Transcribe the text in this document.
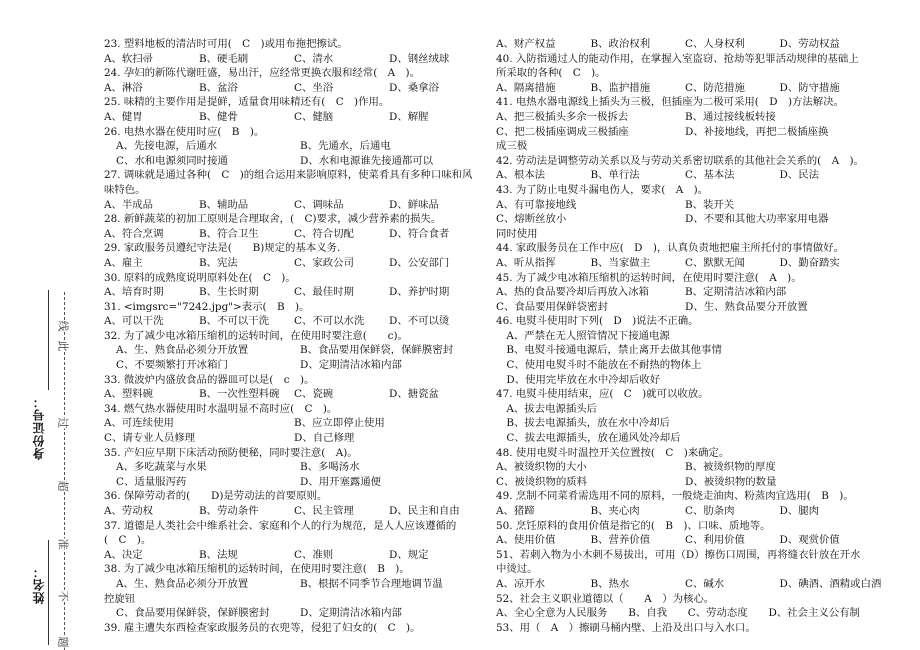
身份证号：
姓名：
线
此
过
超
准
不
题
23. 塑料地板的清洁时可用(　C　)或用布拖把擦试。
A、软扫帚	B、硬毛刷	C、清水	D、钢丝绒球
24. 孕妇的新陈代谢旺盛，易出汗，应经常更换衣服和经常(　A　)。
A、淋浴	B、盆浴	C、坐浴	D、桑拿浴
25. 味精的主要作用是提鲜，适量食用味精还有(　C　)作用。
A、健胃	B、健骨	C、健脑	D、解腥
26. 电热水器在使用时应(　B　)。
A、先接电源，后通水	B、先通水，后通电
C、水和电源须同时接通	D、水和电源谁先接通都可以
27. 调味就是通过各种(　C　)的组合运用来影响原料，使菜肴具有多种口味和风
味特色。
A、半成品	B、辅助品	C、调味品	D、鲜味品
28. 新鲜蔬菜的初加工原则是合理取舍，(　C)要求，减少营养素的损失。
A、符合烹调	B、符合卫生	C、符合切配	D、符合食者
29. 家政服务员遵纪守法是(　　B)规定的基本义务.
A、雇主	B、宪法	C、家政公司	D、公安部门
30. 原料的成熟度说明原料处在(　C　)。
A、培育时期	B、生长时期	C、最佳时期	D、养护时期
31. <imgsrc="7242.jpg">表示(　B　)。
A、可以干洗	B、不可以干洗	C、不可以水洗	D、不可以烫
32. 为了减少电冰箱压缩机的运转时间，在使用时要注意(　　c)。
A、生、熟食品必须分开放置	B、食品要用保鲜袋，保鲜膜密封
C、不要频繁打开冰箱门	D、定期清洁冰箱内部
33. 微波炉内盛放食品的器皿可以是(　c　)。
A、塑料碗	B、一次性塑料碗	C、瓷碗	D、搪瓷盆
34. 燃气热水器使用时水温明显不高时应(　C　)。
A、可连续使用	B、应立即停止使用
C、请专业人员修理	D、自己修理
35. 产妇应早期下床活动预防便秘，同时要注意(　A)。
A、多吃蔬菜与水果	B、多喝汤水
C、适量服泻药	D、用开塞露通便
36. 保障劳动者的(　　D)是劳动法的首要原则。
A、劳动权	B、劳动条件	C、民主管理	D、民主和自由
37. 道德是人类社会中维系社会、家庭和个人的行为规范，是人人应该遵循的
(　C　)。
A、决定	B、法规	C、准则	D、规定
38. 为了减少电冰箱压缩机的运转时间，在使用时要注意(　B　)。
A、生、熟食品必须分开放置	B、根据不同季节合理地调节温
控旋钮
C、食品要用保鲜袋，保鲜膜密封	D、定期清洁冰箱内部
39. 雇主遭失东西检查家政服务员的衣兜等，侵犯了妇女的(　C　)。
A、财产权益	B、政治权利	C、人身权利	D、劳动权益
40. 入防指通过人的能动作用，在掌握入室盗窃、抢劫等犯罪活动规律的基础上
所采取的各种(　C　)。
A、隔离措施	B、监护措施	C、防范措施	D、防守措施
41. 电热水器电源线上插头为三极，但插座为二极可采用(　D　)方法解决。
A、把三极插头多余一极拆去	B、通过接线板转接
C、把二极插座调成三极插座	D、补接地线，再把二极插座换
成三极
42. 劳动法是调整劳动关系以及与劳动关系密切联系的其他社会关系的(　A　)。
A、根本法	B、单行法	C、基本法	D、民法
43. 为了防止电熨斗漏电伤人，要求(　A　)。
A、有可靠接地线	B、装开关
C、熔断丝放小	D、不要和其他大功率家用电器
同时使用
44. 家政服务员在工作中应(　D　)，认真负责地把雇主所托付的事情做好。
A、听从指挥	B、当家做主	C、默默无闻	D、勤奋踏实
45. 为了减少电冰箱压缩机的运转时间，在使用时要注意(　A　)。
A、热的食品要冷却后再放入冰箱	B、定期清洁冰箱内部
C、食品要用保鲜袋密封	D、生、熟食品要分开放置
46. 电熨斗使用时下列(　D　)说法不正确。
　A、严禁在无人照管情况下接通电源
　B、电熨斗接通电源后，禁止离开去做其他事情
　C、使用电熨斗时不能放在不耐热的物体上
　D、使用完毕放在水中冷却后收好
47. 电熨斗使用结束，应(　C　)就可以收放。
　A、拔去电源插头后
　B、拔去电源插头，放在水中冷却后
　C、拔去电源插头，放在通风处冷却后
48. 使用电熨斗时温控开关位置按(　C　)来确定。
A、被烫织物的大小	B、被烫织物的厚度
C、被烫织物的质料	D、被烫织物的数量
49. 烹制不同菜肴需选用不同的原料，一般烧走油肉、粉蒸肉宜选用(　B　)。
A、猪蹄	B、夹心肉	C、肋条肉	D、腿肉
50. 烹饪原料的食用价值是指它的(　B　)、口味、质地等。
A、使用价值	B、营养价值	C、利用价值	D、观赏价值
51、若刺入物为小木刺不易拔出，可用（D）擦伤口周围，再将缝衣针放在开水
中烫过。
A、凉开水	B、热水	C、碱水	D、碘酒、酒精或白酒
52、社会主义职业道德以（　　A　）为核心。
A、全心全意为人民服务　　B、自我　　C、劳动态度　　D、社会主义公有制
53、用（　A　）擦刷马桶内壁、上沿及出口与入水口。
